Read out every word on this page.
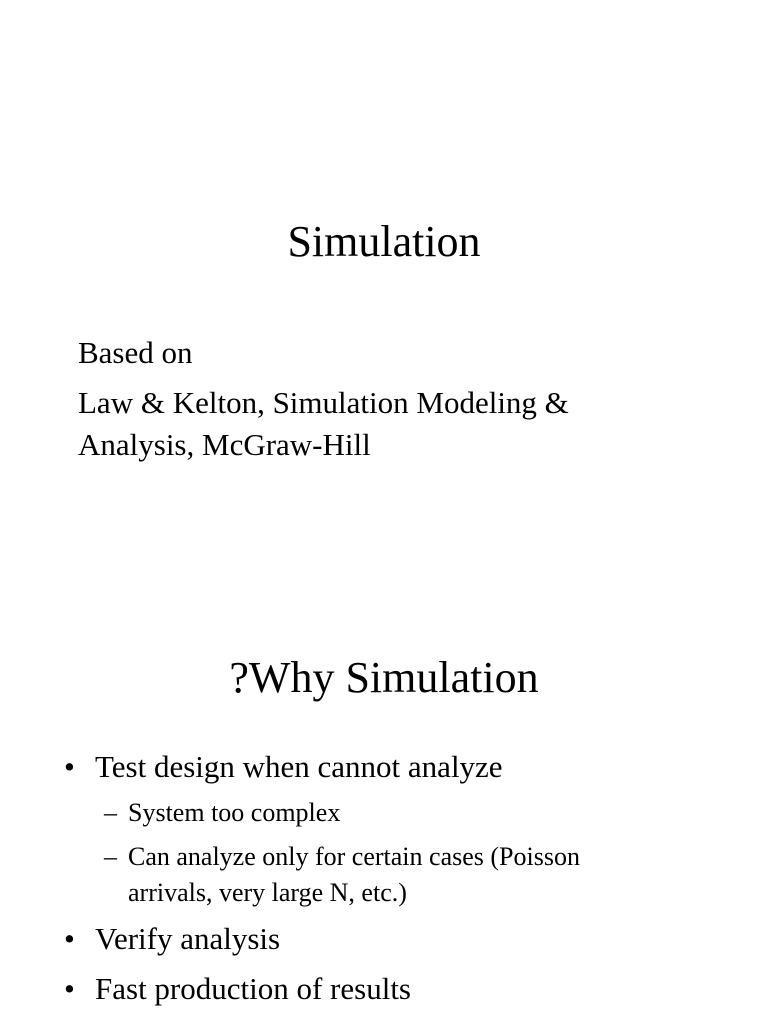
Simulation
Based on
Law & Kelton, Simulation Modeling &
Analysis, McGraw-Hill
?Why Simulation
• Test design when cannot analyze
– System too complex
– Can analyze only for certain cases (Poisson
arrivals, very large N, etc.)
• Verify analysis
• Fast production of results
